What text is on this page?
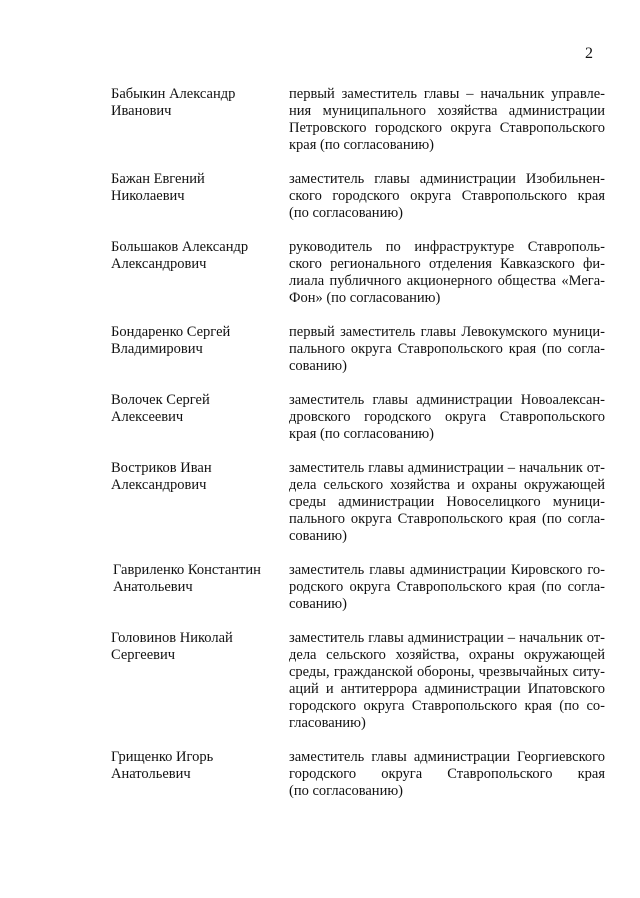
2
Бабыкин Александр
Иванович
первый заместитель главы – начальник управле-
ния муниципального хозяйства администрации
Петровского городского округа Ставропольского
края (по согласованию)
Бажан Евгений
Николаевич
заместитель главы администрации Изобильнен-
ского городского округа Ставропольского края
(по согласованию)
Большаков Александр
Александрович
руководитель по инфраструктуре Ставрополь-
ского регионального отделения Кавказского фи-
лиала публичного акционерного общества «Мега-
Фон» (по согласованию)
Бондаренко Сергей
Владимирович
первый заместитель главы Левокумского муници-
пального округа Ставропольского края (по согла-
сованию)
Волочек Сергей
Алексеевич
заместитель главы администрации Новоалексан-
дровского городского округа Ставропольского
края (по согласованию)
Востриков Иван
Александрович
заместитель главы администрации – начальник от-
дела сельского хозяйства и охраны окружающей
среды администрации Новоселицкого муници-
пального округа Ставропольского края (по согла-
сованию)
Гавриленко Константин
Анатольевич
заместитель главы администрации Кировского го-
родского округа Ставропольского края (по согла-
сованию)
Головинов Николай
Сергеевич
заместитель главы администрации – начальник от-
дела сельского хозяйства, охраны окружающей
среды, гражданской обороны, чрезвычайных ситу-
аций и антитеррора администрации Ипатовского
городского округа Ставропольского края (по со-
гласованию)
Грищенко Игорь
Анатольевич
заместитель главы администрации Георгиевского
городского округа Ставропольского края
(по согласованию)
